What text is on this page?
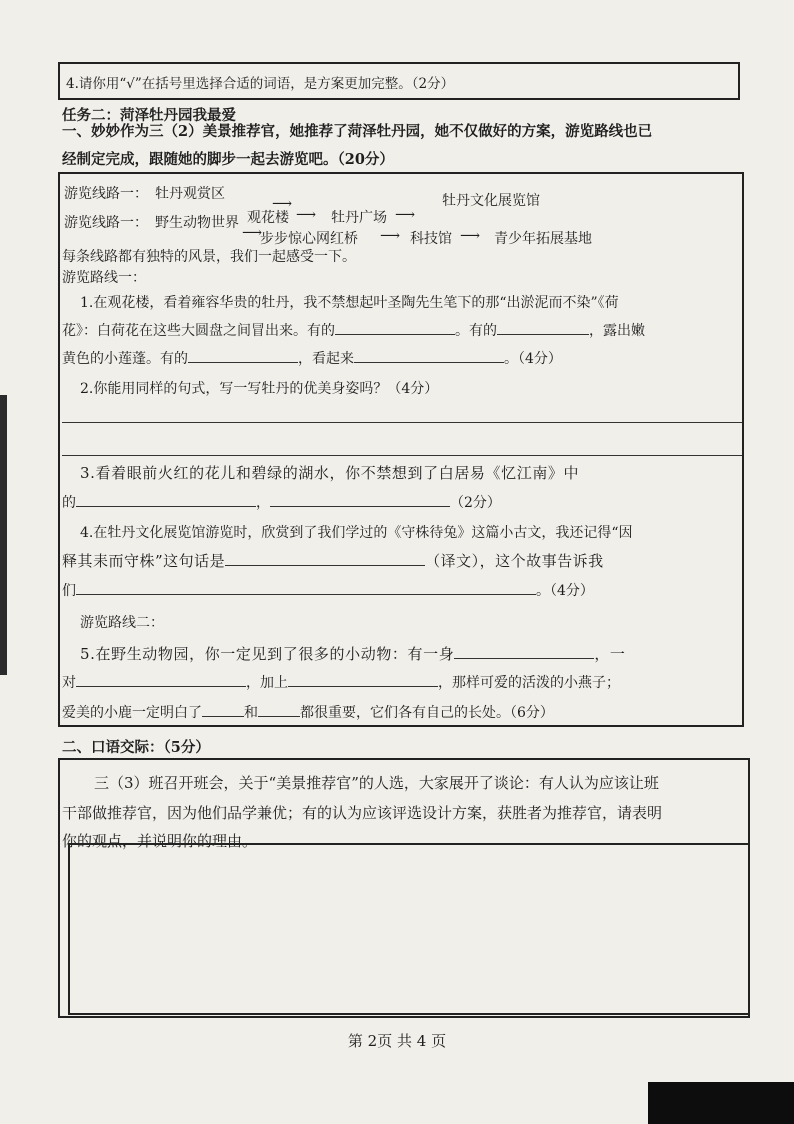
4.请你用“√”在括号里选择合适的词语，是方案更加完整。（2分）
任务二：菏泽牡丹园我最爱
一、妙妙作为三（2）美景推荐官，她推荐了菏泽牡丹园，她不仅做好的方案，游览路线也已
经制定完成，跟随她的脚步一起去游览吧。（20分）
游览线路一： 牡丹观赏区
⟶
观花楼 ⟶ 牡丹广场 ⟶
牡丹文化展览馆
游览线路一： 野生动物世界
⟶
步步惊心网红桥 ⟶ 科技馆 ⟶ 青少年拓展基地
每条线路都有独特的风景，我们一起感受一下。
游览路线一：
1.在观花楼，看着雍容华贵的牡丹，我不禁想起叶圣陶先生笔下的那“出淤泥而不染”《荷
花》：白荷花在这些大圆盘之间冒出来。有的	。有的	，露出嫩
黄色的小莲蓬。有的	，看起来	。（4分）
2.你能用同样的句式，写一写牡丹的优美身姿吗？（4分）
3.看着眼前火红的花儿和碧绿的湖水，你不禁想到了白居易《忆江南》中
的	，	（2分）
4.在牡丹文化展览馆游览时，欣赏到了我们学过的《守株待兔》这篇小古文，我还记得“因
释其耒而守株”这句话是	（译文），这个故事告诉我
们	。（4分）
游览路线二：
5.在野生动物园，你一定见到了很多的小动物：有一身	，一
对	，加上	，那样可爱的活泼的小燕子；
爱美的小鹿一定明白了	和	都很重要，它们各有自己的长处。（6分）
二、口语交际：（5分）
三（3）班召开班会，关于“美景推荐官”的人选，大家展开了谈论：有人认为应该让班
干部做推荐官，因为他们品学兼优；有的认为应该评选设计方案，获胜者为推荐官，请表明
你的观点，并说明你的理由。
第 2页 共 4 页
